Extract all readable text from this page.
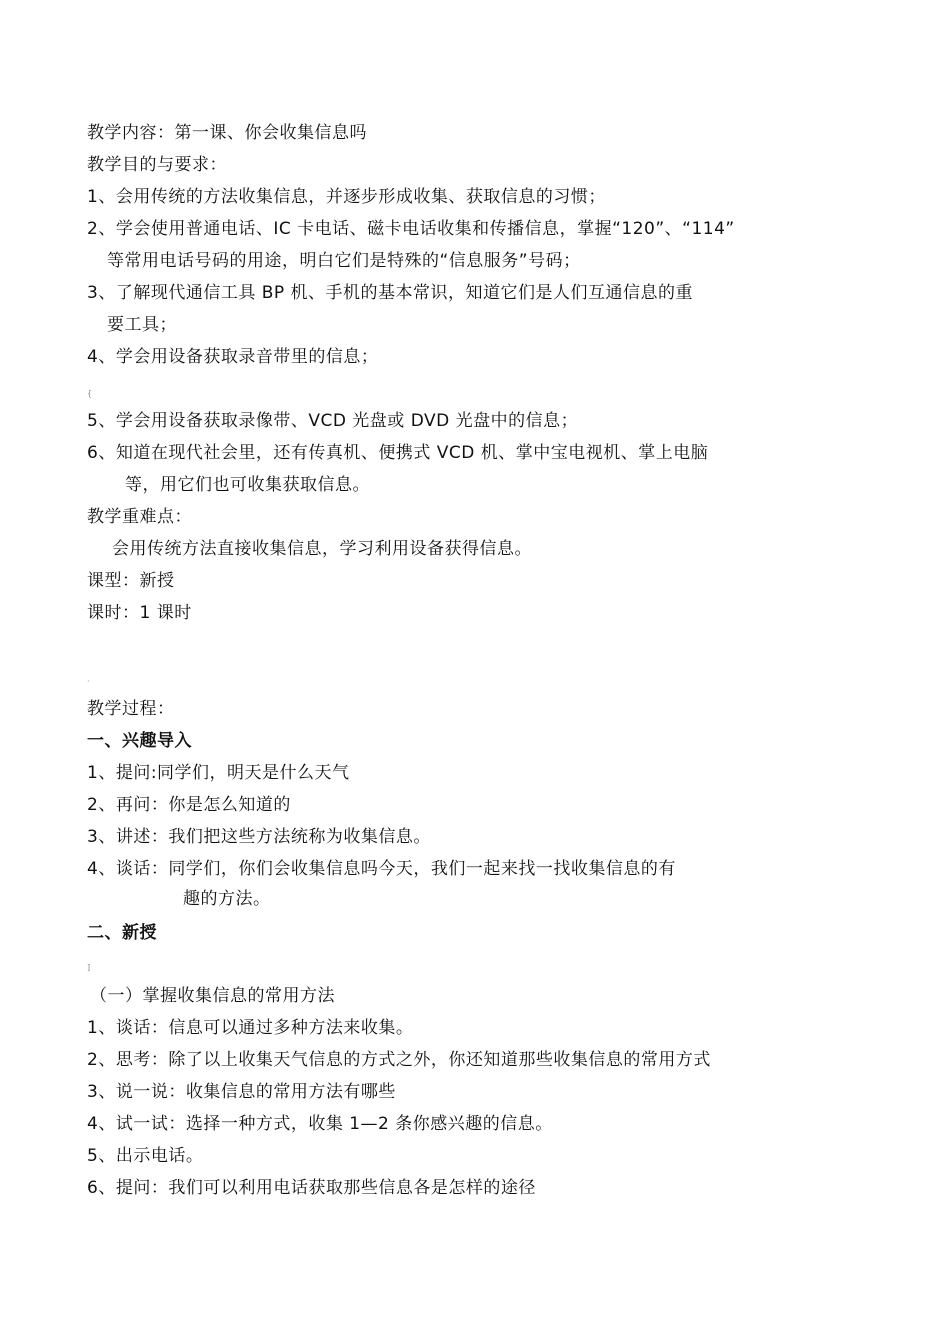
教学内容：第一课、你会收集信息吗
教学目的与要求：
1、会用传统的方法收集信息，并逐步形成收集、获取信息的习惯；
2、学会使用普通电话、IC 卡电话、磁卡电话收集和传播信息，掌握“120”、“114”
等常用电话号码的用途，明白它们是特殊的“信息服务”号码；
3、了解现代通信工具 BP 机、手机的基本常识，知道它们是人们互通信息的重
要工具；
4、学会用设备获取录音带里的信息；
{
5、学会用设备获取录像带、VCD 光盘或 DVD 光盘中的信息；
6、知道在现代社会里，还有传真机、便携式 VCD 机、掌中宝电视机、掌上电脑
等，用它们也可收集获取信息。
教学重难点：
会用传统方法直接收集信息，学习利用设备获得信息。
课型：新授
课时：1 课时
·
教学过程：
一、兴趣导入
1、提问:同学们，明天是什么天气
2、再问：你是怎么知道的
3、讲述：我们把这些方法统称为收集信息。
4、谈话：同学们，你们会收集信息吗今天，我们一起来找一找收集信息的有
趣的方法。
二、新授
]
（一）掌握收集信息的常用方法
1、谈话：信息可以通过多种方法来收集。
2、思考：除了以上收集天气信息的方式之外，你还知道那些收集信息的常用方式
3、说一说：收集信息的常用方法有哪些
4、试一试：选择一种方式，收集 1—2 条你感兴趣的信息。
5、出示电话。
6、提问：我们可以利用电话获取那些信息各是怎样的途径
